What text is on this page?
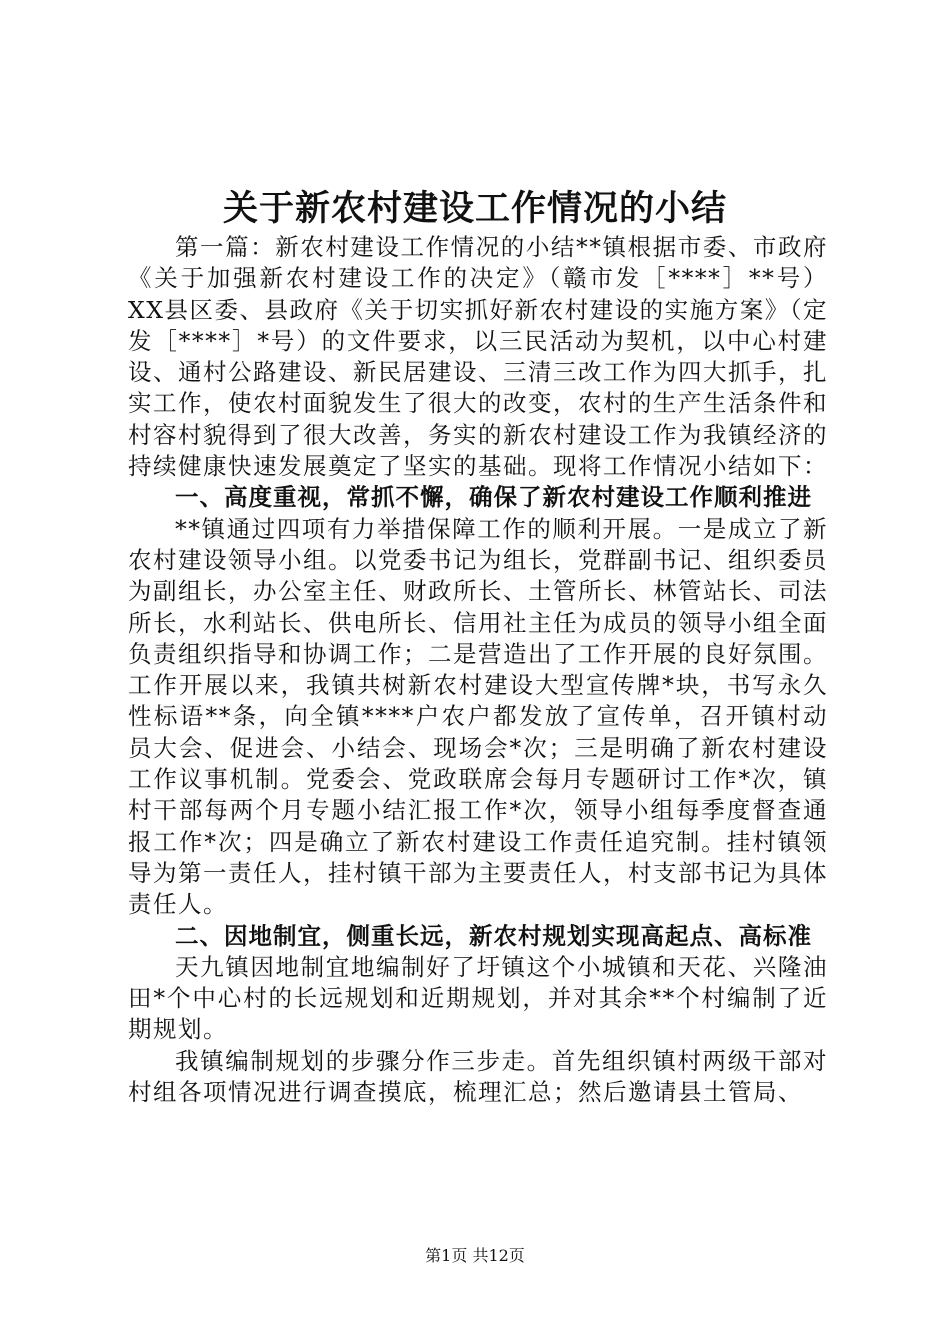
关于新农村建设工作情况的小结

第一篇：新农村建设工作情况的小结**镇根据市委、市政府《关于加强新农村建设工作的决定》（赣市发［****］**号）XX县区委、县政府《关于切实抓好新农村建设的实施方案》（定发［****］*号）的文件要求，以三民活动为契机，以中心村建设、通村公路建设、新民居建设、三清三改工作为四大抓手，扎实工作，使农村面貌发生了很大的改变，农村的生产生活条件和村容村貌得到了很大改善，务实的新农村建设工作为我镇经济的持续健康快速发展奠定了坚实的基础。现将工作情况小结如下：

一、高度重视，常抓不懈，确保了新农村建设工作顺利推进

**镇通过四项有力举措保障工作的顺利开展。一是成立了新农村建设领导小组。以党委书记为组长，党群副书记、组织委员为副组长，办公室主任、财政所长、土管所长、林管站长、司法所长，水利站长、供电所长、信用社主任为成员的领导小组全面负责组织指导和协调工作；二是营造出了工作开展的良好氛围。工作开展以来，我镇共树新农村建设大型宣传牌*块，书写永久性标语**条，向全镇****户农户都发放了宣传单，召开镇村动员大会、促进会、小结会、现场会*次；三是明确了新农村建设工作议事机制。党委会、党政联席会每月专题研讨工作*次，镇村干部每两个月专题小结汇报工作*次，领导小组每季度督查通报工作*次；四是确立了新农村建设工作责任追究制。挂村镇领导为第一责任人，挂村镇干部为主要责任人，村支部书记为具体责任人。

二、因地制宜，侧重长远，新农村规划实现高起点、高标准

天九镇因地制宜地编制好了圩镇这个小城镇和天花、兴隆油田*个中心村的长远规划和近期规划，并对其余**个村编制了近期规划。

我镇编制规划的步骤分作三步走。首先组织镇村两级干部对村组各项情况进行调查摸底，梳理汇总；然后邀请县土管局、

第1页 共12页
